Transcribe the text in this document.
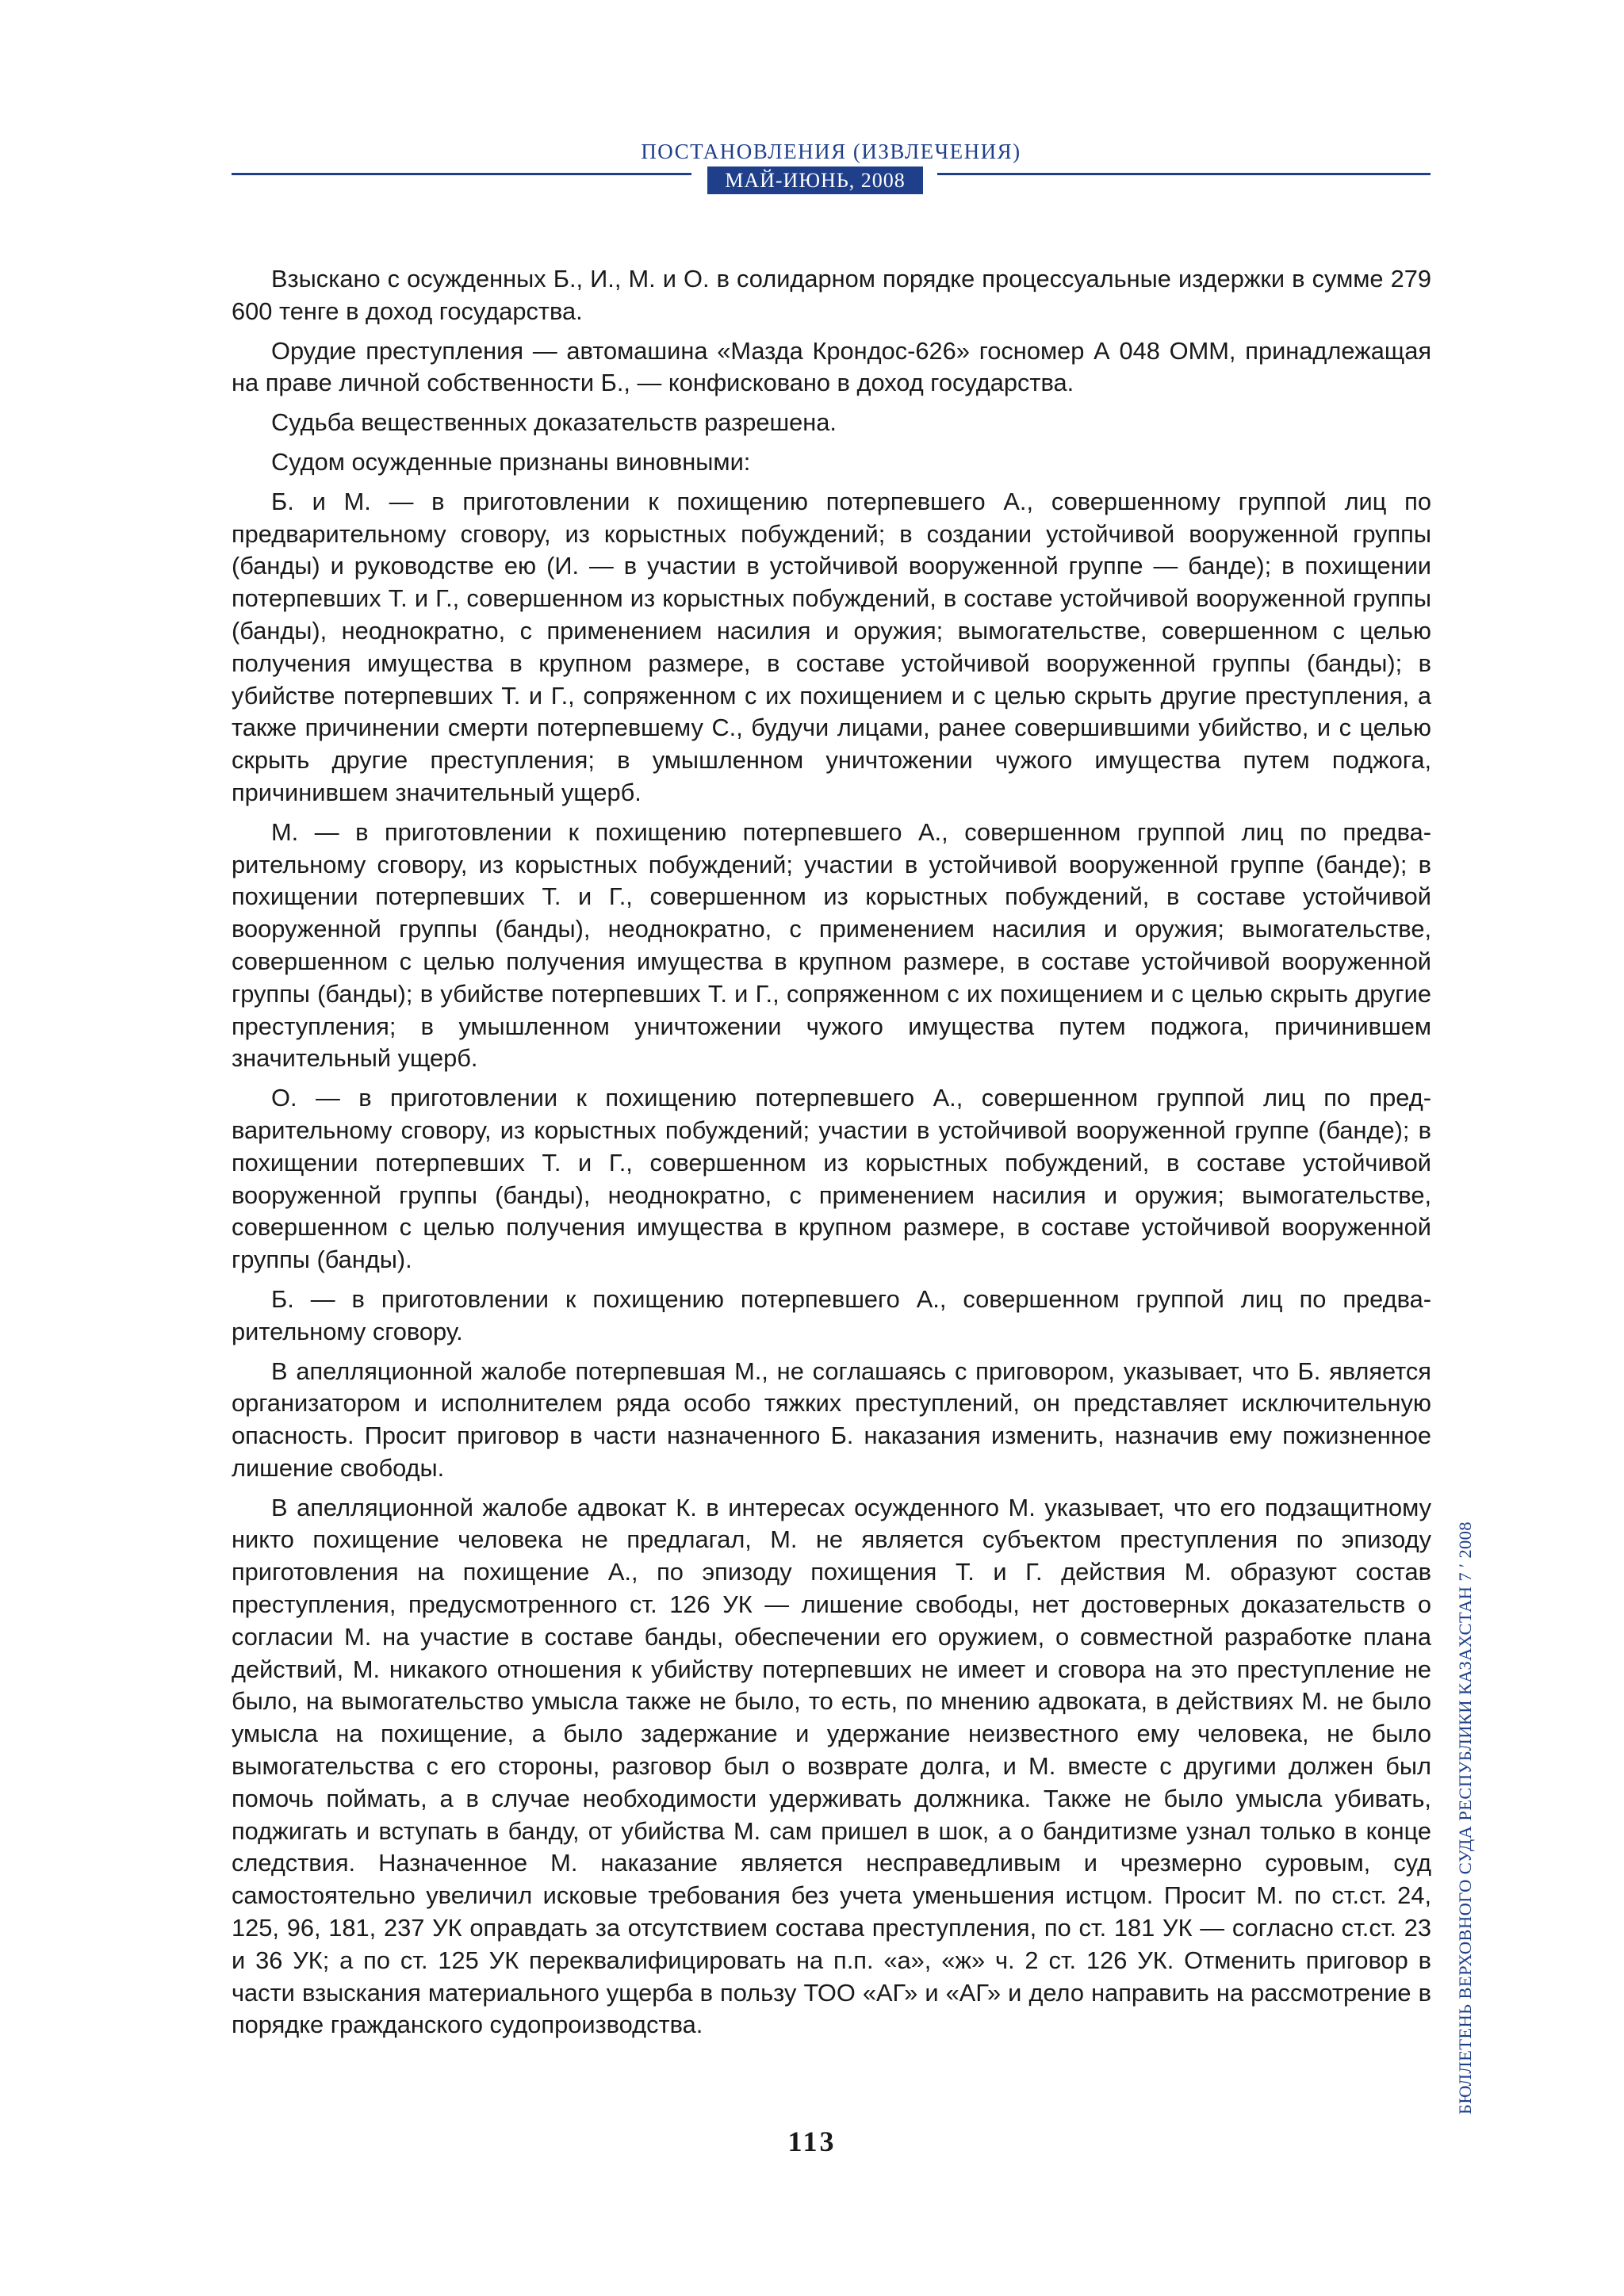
ПОСТАНОВЛЕНИЯ (ИЗВЛЕЧЕНИЯ)
МАЙ-ИЮНЬ, 2008

Взыскано с осужденных Б., И., М. и О. в солидарном порядке процессуальные издержки в сумме 279 600 тенге в доход государства.

Орудие преступления — автомашина «Мазда Крондос-626» госномер А 048 ОММ, принадлежащая на праве личной собственности Б., — конфисковано в доход государства.

Судьба вещественных доказательств разрешена.

Судом осужденные признаны виновными:

Б. и М. — в приготовлении к похищению потерпевшего А., совершенному группой лиц по предварительному сговору, из корыстных побуждений; в создании устойчивой вооруженной группы (банды) и руководстве ею (И. — в участии в устойчивой вооруженной группе — банде); в похищении потерпевших Т. и Г., совершенном из корыстных побуждений, в составе устойчивой вооруженной группы (банды), неоднократно, с применением насилия и оружия; вымогательстве, совершенном с целью получения имущества в крупном размере, в составе устойчивой вооруженной группы (банды); в убийстве потерпевших Т. и Г., сопряженном с их похищением и с целью скрыть другие преступления, а также причинении смерти потерпевшему С., будучи лицами, ранее совершившими убийство, и с целью скрыть другие преступления; в умышленном уничтожении чужого имущества путем поджога, причинившем значительный ущерб.

М. — в приготовлении к похищению потерпевшего А., совершенном группой лиц по предварительному сговору, из корыстных побуждений; участии в устойчивой вооруженной группе (банде); в похищении потерпевших Т. и Г., совершенном из корыстных побуждений, в составе устойчивой вооруженной группы (банды), неоднократно, с применением насилия и оружия; вымогательстве, совершенном с целью получения имущества в крупном размере, в составе устойчивой вооруженной группы (банды); в убийстве потерпевших Т. и Г., сопряженном с их похищением и с целью скрыть другие преступления; в умышленном уничтожении чужого имущества путем поджога, причинившем значительный ущерб.

О. — в приготовлении к похищению потерпевшего А., совершенном группой лиц по предварительному сговору, из корыстных побуждений; участии в устойчивой вооруженной группе (банде); в похищении потерпевших Т. и Г., совершенном из корыстных побуждений, в составе устойчивой вооруженной группы (банды), неоднократно, с применением насилия и оружия; вымогательстве, совершенном с целью получения имущества в крупном размере, в составе устойчивой вооруженной группы (банды).

Б. — в приготовлении к похищению потерпевшего А., совершенном группой лиц по предварительному сговору.

В апелляционной жалобе потерпевшая М., не соглашаясь с приговором, указывает, что Б. является организатором и исполнителем ряда особо тяжких преступлений, он представляет исключительную опасность. Просит приговор в части назначенного Б. наказания изменить, назначив ему пожизненное лишение свободы.

В апелляционной жалобе адвокат К. в интересах осужденного М. указывает, что его подзащитному никто похищение человека не предлагал, М. не является субъектом преступления по эпизоду приготовления на похищение А., по эпизоду похищения Т. и Г. действия М. образуют состав преступления, предусмотренного ст. 126 УК — лишение свободы, нет достоверных доказательств о согласии М. на участие в составе банды, обеспечении его оружием, о совместной разработке плана действий, М. никакого отношения к убийству потерпевших не имеет и сговора на это преступление не было, на вымогательство умысла также не было, то есть, по мнению адвоката, в действиях М. не было умысла на похищение, а было задержание и удержание неизвестного ему человека, не было вымогательства с его стороны, разговор был о возврате долга, и М. вместе с другими должен был помочь поймать, а в случае необходимости удерживать должника. Также не было умысла убивать, поджигать и вступать в банду, от убийства М. сам пришел в шок, а о бандитизме узнал только в конце следствия. Назначенное М. наказание является несправедливым и чрезмерно суровым, суд самостоятельно увеличил исковые требования без учета уменьшения истцом. Просит М. по ст.ст. 24, 125, 96, 181, 237 УК оправдать за отсутствием состава преступления, по ст. 181 УК — согласно ст.ст. 23 и 36 УК; а по ст. 125 УК переквалифицировать на п.п. «а», «ж» ч. 2 ст. 126 УК. Отменить приговор в части взыскания материального ущерба в пользу ТОО «АГ» и «АГ» и дело направить на рассмотрение в порядке гражданского судопроизводства.

113
БЮЛЛЕТЕНЬ ВЕРХОВНОГО СУДА РЕСПУБЛИКИ КАЗАХСТАН 7 ′ 2008
